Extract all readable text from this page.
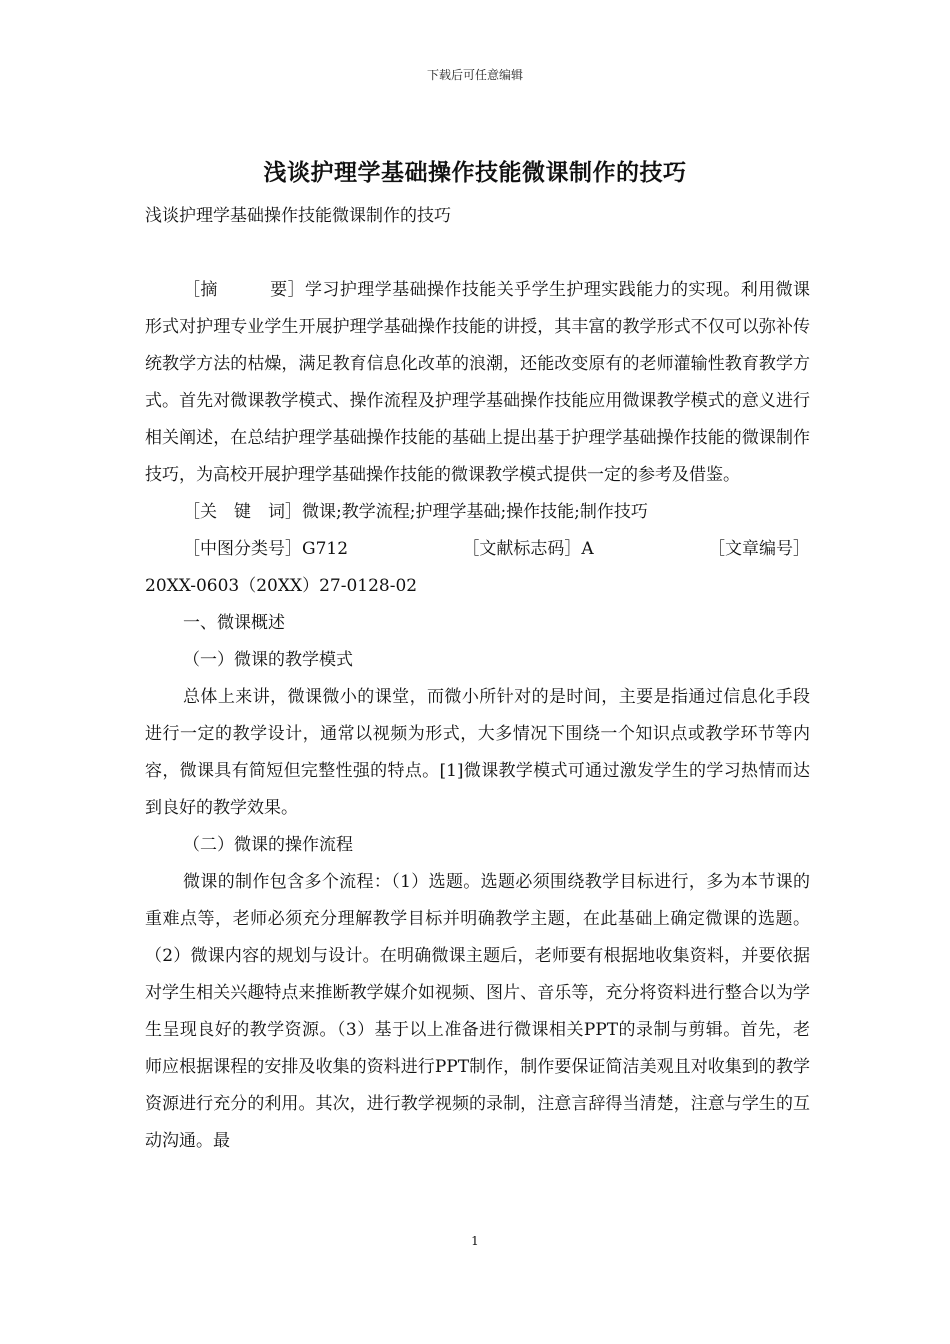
下载后可任意编辑
浅谈护理学基础操作技能微课制作的技巧

浅谈护理学基础操作技能微课制作的技巧

［摘　　　要］学习护理学基础操作技能关乎学生护理实践能力的实现。利用微课形式对护理专业学生开展护理学基础操作技能的讲授，其丰富的教学形式不仅可以弥补传统教学方法的枯燥，满足教育信息化改革的浪潮，还能改变原有的老师灌输性教育教学方式。首先对微课教学模式、操作流程及护理学基础操作技能应用微课教学模式的意义进行相关阐述，在总结护理学基础操作技能的基础上提出基于护理学基础操作技能的微课制作技巧，为高校开展护理学基础操作技能的微课教学模式提供一定的参考及借鉴。

［关　键　词］微课;教学流程;护理学基础;操作技能;制作技巧

［中图分类号］G712	［文献标志码］A	［文章编号］

20XX-0603（20XX）27-0128-02

一、微课概述

（一）微课的教学模式

总体上来讲，微课微小的课堂，而微小所针对的是时间，主要是指通过信息化手段进行一定的教学设计，通常以视频为形式，大多情况下围绕一个知识点或教学环节等内容，微课具有简短但完整性强的特点。[1]微课教学模式可通过激发学生的学习热情而达到良好的教学效果。

（二）微课的操作流程

微课的制作包含多个流程：（1）选题。选题必须围绕教学目标进行，多为本节课的重难点等，老师必须充分理解教学目标并明确教学主题，在此基础上确定微课的选题。（2）微课内容的规划与设计。在明确微课主题后，老师要有根据地收集资料，并要依据对学生相关兴趣特点来推断教学媒介如视频、图片、音乐等，充分将资料进行整合以为学生呈现良好的教学资源。（3）基于以上准备进行微课相关PPT的录制与剪辑。首先，老师应根据课程的安排及收集的资料进行PPT制作，制作要保证简洁美观且对收集到的教学资源进行充分的利用。其次，进行教学视频的录制，注意言辞得当清楚，注意与学生的互动沟通。最

1
